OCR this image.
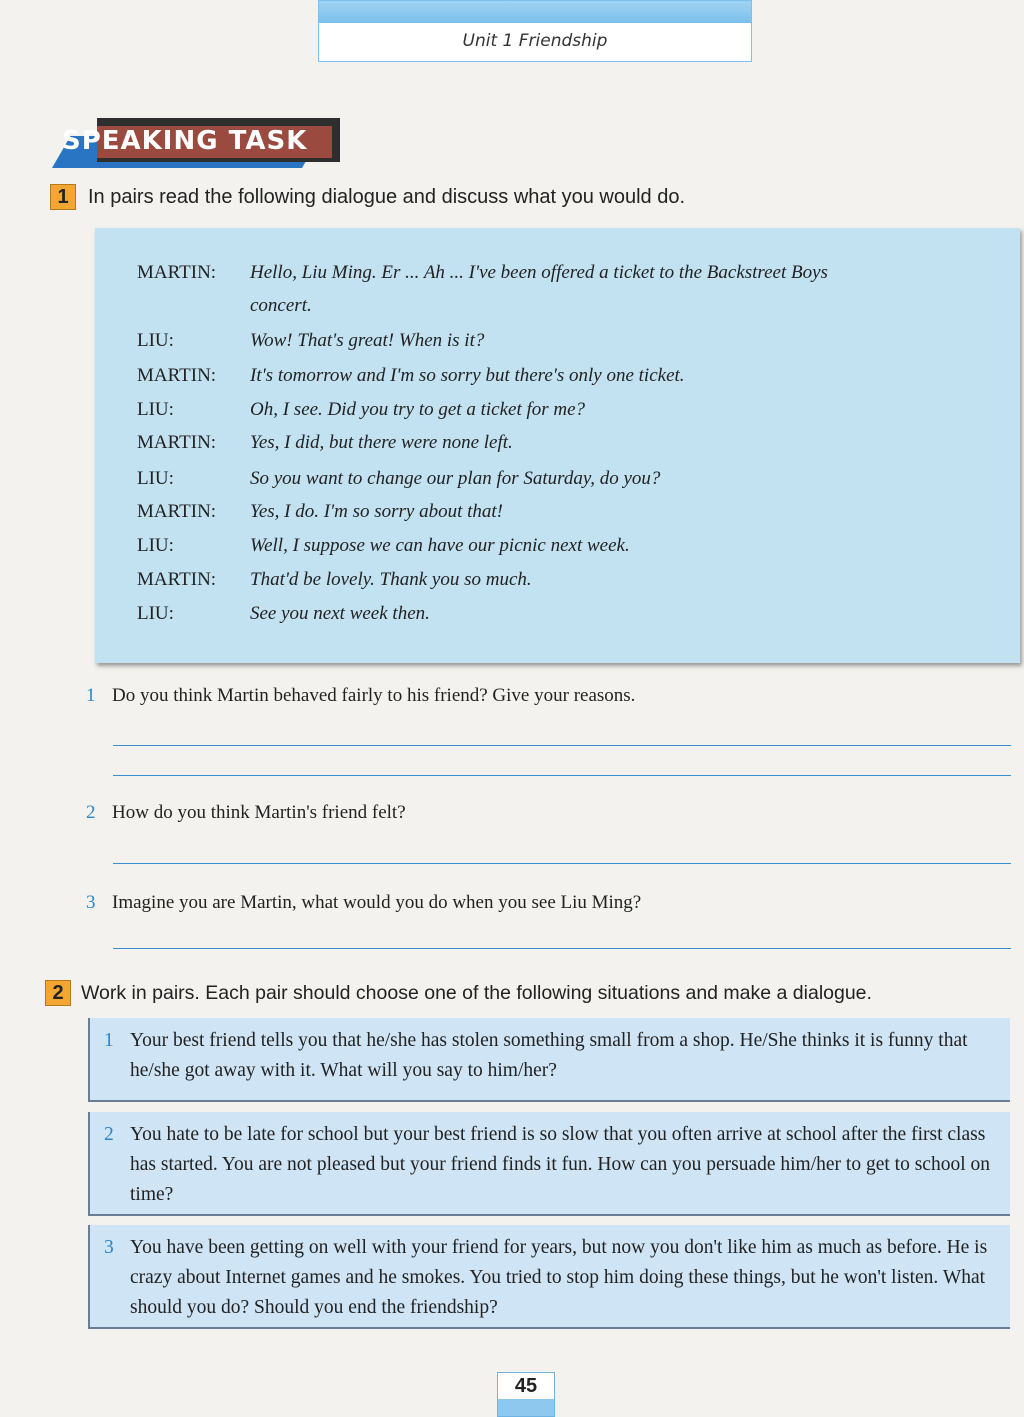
Unit 1 Friendship
SPEAKING TASK
1 In pairs read the following dialogue and discuss what you would do.
MARTIN: Hello, Liu Ming. Er ... Ah ... I've been offered a ticket to the Backstreet Boys
concert.
LIU:	Wow! That's great! When is it?
MARTIN: It's tomorrow and I'm so sorry but there's only one ticket.
LIU:	Oh, I see. Did you try to get a ticket for me?
MARTIN: Yes, I did, but there were none left.
LIU:	So you want to change our plan for Saturday, do you?
MARTIN: Yes, I do. I'm so sorry about that!
LIU:	Well, I suppose we can have our picnic next week.
MARTIN: That'd be lovely. Thank you so much.
LIU:	See you next week then.
1 Do you think Martin behaved fairly to his friend? Give your reasons.
2 How do you think Martin's friend felt?
3 Imagine you are Martin, what would you do when you see Liu Ming?
2 Work in pairs. Each pair should choose one of the following situations and make a dialogue.
1 Your best friend tells you that he/she has stolen something small from a shop. He/She thinks it is funny that he/she got away with it. What will you say to him/her?
2 You hate to be late for school but your best friend is so slow that you often arrive at school after the first class has started. You are not pleased but your friend finds it fun. How can you persuade him/her to get to school on time?
3 You have been getting on well with your friend for years, but now you don't like him as much as before. He is crazy about Internet games and he smokes. You tried to stop him doing these things, but he won't listen. What should you do? Should you end the friendship?
45
